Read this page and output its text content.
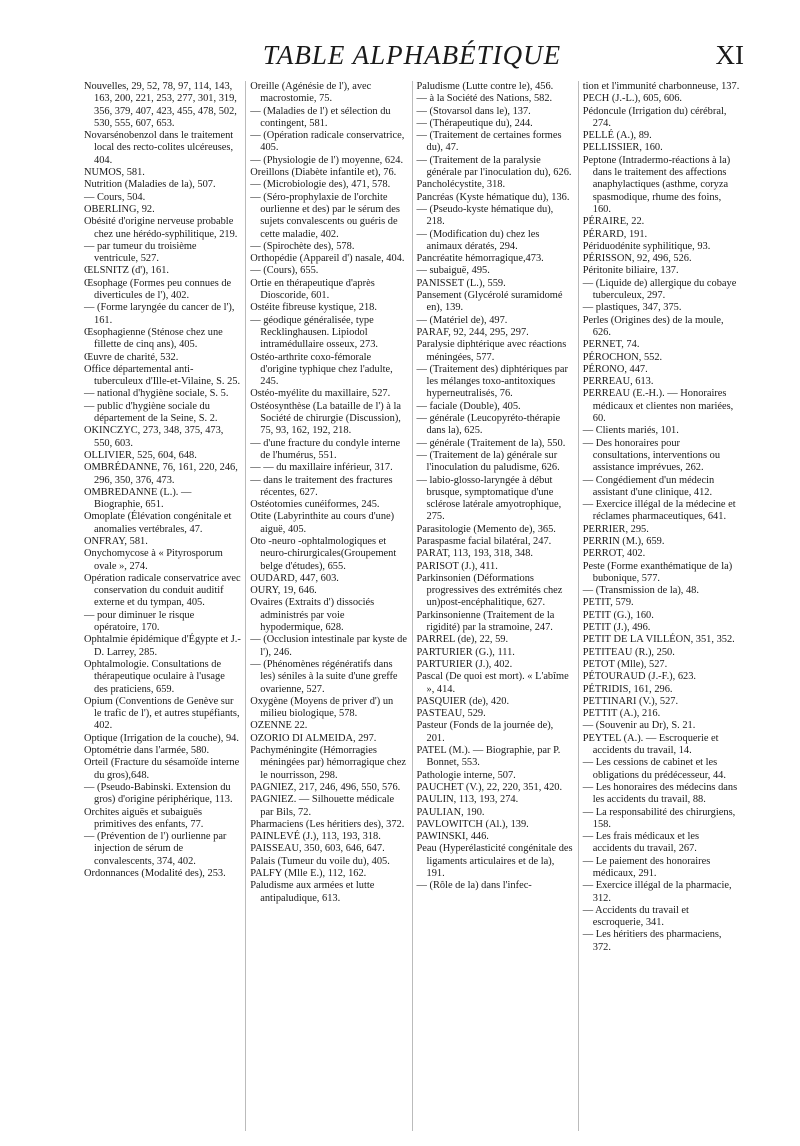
TABLE ALPHABÉTIQUE	XI

Nouvelles, 29, 52, 78, 97, 114, 143, 163, 200, 221, 253, 277, 301, 319, 356, 379, 407, 423, 455, 478, 502, 530, 555, 607, 653.

Novarsénobenzol dans le traitement local des recto-colites ulcéreuses, 404.

NUMOS, 581.

Nutrition (Maladies de la), 507.

— Cours, 504.

OBERLING, 92.

Obésité d'origine nerveuse probable chez une hérédo-syphilitique, 219.

— par tumeur du troisième ventricule, 527.

ŒLSNITZ (d'), 161.

Œsophage (Formes peu connues de diverticules de l'), 402.

— (Forme laryngée du cancer de l'), 161.

Œsophagienne (Sténose chez une fillette de cinq ans), 405.

Œuvre de charité, 532.

Office départemental anti-tuberculeux d'Ille-et-Vilaine, S. 25.

— national d'hygiène sociale, S. 5.

— public d'hygiène sociale du département de la Seine, S. 2.

OKINCZYC, 273, 348, 375, 473, 550, 603.

OLLIVIER, 525, 604, 648.

OMBRÉDANNE, 76, 161, 220, 246, 296, 350, 376, 473.

OMBREDANNE (L.). — Biographie, 651.

Omoplate (Élévation congénitale et anomalies vertébrales, 47.

ONFRAY, 581.

Onychomycose à « Pityrosporum ovale », 274.

Opération radicale conservatrice avec conservation du conduit auditif externe et du tympan, 405.

— pour diminuer le risque opératoire, 170.

Ophtalmie épidémique d'Égypte et J.-D. Larrey, 285.

Ophtalmologie. Consultations de thérapeutique oculaire à l'usage des praticiens, 659.

Opium (Conventions de Genève sur le trafic de l'), et autres stupéfiants, 402.

Optique (Irrigation de la couche), 94.

Optométrie dans l'armée, 580.

Orteil (Fracture du sésamoïde interne du gros),648.

— (Pseudo-Babinski. Extension du gros) d'origine périphérique, 113.

Orchites aiguës et subaiguës primitives des enfants, 77.

— (Prévention de l') ourlienne par injection de sérum de convalescents, 374, 402.

Ordonnances (Modalité des), 253.

Oreille (Agénésie de l'), avec macrostomie, 75.

— (Maladies de l') et sélection du contingent, 581.

— (Opération radicale conservatrice, 405.

— (Physiologie de l') moyenne, 624.

Oreillons (Diabète infantile et), 76.

— (Microbiologie des), 471, 578.

— (Séro-prophylaxie de l'orchite ourlienne et des) par le sérum des sujets convalescents ou guéris de cette maladie, 402.

— (Spirochète des), 578.

Orthopédie (Appareil d') nasale, 404.

— (Cours), 655.

Ortie en thérapeutique d'après Dioscoride, 601.

Ostéite fibreuse kystique, 218.

— géodique généralisée, type Recklinghausen. Lipiodol intramédullaire osseux, 273.

Ostéo-arthrite coxo-fémorale d'origine typhique chez l'adulte, 245.

Ostéo-myélite du maxillaire, 527.

Ostéosynthèse (La bataille de l') à la Société de chirurgie (Discussion), 75, 93, 162, 192, 218.

— d'une fracture du condyle interne de l'humérus, 551.

— — du maxillaire inférieur, 317.

— dans le traitement des fractures récentes, 627.

Ostéotomies cunéiformes, 245.

Otite (Labyrinthite au cours d'une) aiguë, 405.

Oto -neuro -ophtalmologiques et neuro-chirurgicales(Groupement belge d'études), 655.

OUDARD, 447, 603.

OURY, 19, 646.

Ovaires (Extraits d') dissociés administrés par voie hypodermique, 628.

— (Occlusion intestinale par kyste de l'), 246.

— (Phénomènes régénératifs dans les) séniles à la suite d'une greffe ovarienne, 527.

Oxygène (Moyens de priver d') un milieu biologique, 578.

OZENNE 22.

OZORIO DI ALMEIDA, 297.

Pachyméningite (Hémorragies méningées par) hémorragique chez le nourrisson, 298.

PAGNIEZ, 217, 246, 496, 550, 576.

PAGNIEZ. — Silhouette médicale par Bils, 72.

Pharmaciens (Les héritiers des), 372.

PAINLEVÉ (J.), 113, 193, 318.

PAISSEAU, 350, 603, 646, 647.

Palais (Tumeur du voile du), 405.

PALFY (Mlle E.), 112, 162.

Paludisme aux armées et lutte antipaludique, 613.

Paludisme (Lutte contre le), 456.

— à la Société des Nations, 582.

— (Stovarsol dans le), 137.

— (Thérapeutique du), 244.

— (Traitement de certaines formes du), 47.

— (Traitement de la paralysie générale par l'inoculation du), 626.

Pancholécystite, 318.

Pancréas (Kyste hématique du), 136.

— (Pseudo-kyste hématique du), 218.

— (Modification du) chez les animaux dératés, 294.

Pancréatite hémorragique,473.

— subaiguë, 495.

PANISSET (L.), 559.

Pansement (Glycérolé suramidomé en), 139.

— (Matériel de), 497.

PARAF, 92, 244, 295, 297.

Paralysie diphtérique avec réactions méningées, 577.

— (Traitement des) diphtériques par les mélanges toxo-antitoxiques hyperneutralisés, 76.

— faciale (Double), 405.

— générale (Leucopyréto-thérapie dans la), 625.

— générale (Traitement de la), 550.

— (Traitement de la) générale sur l'inoculation du paludisme, 626.

— labio-glosso-laryngée à début brusque, symptomatique d'une sclérose latérale amyotrophique, 275.

Parasitologie (Memento de), 365.

Paraspasme facial bilatéral, 247.

PARAT, 113, 193, 318, 348.

PARISOT (J.), 411.

Parkinsonien (Déformations progressives des extrémités chez un)post-encéphalitique, 627.

Parkinsonienne (Traitement de la rigidité) par la stramoine, 247.

PARREL (de), 22, 59.

PARTURIER (G.), 111.

PARTURIER (J.), 402.

Pascal (De quoi est mort). « L'abîme », 414.

PASQUIER (de), 420.

PASTEAU, 529.

Pasteur (Fonds de la journée de), 201.

PATEL (M.). — Biographie, par P. Bonnet, 553.

Pathologie interne, 507.

PAUCHET (V.), 22, 220, 351, 420.

PAULIN, 113, 193, 274.

PAULIAN, 190.

PAVLOWITCH (Al.), 139.

PAWINSKI, 446.

Peau (Hyperélasticité congénitale des ligaments articulaires et de la), 191.

— (Rôle de la) dans l'infec-

tion et l'immunité charbonneuse, 137.

PECH (J.-L.), 605, 606.

Pédoncule (Irrigation du) cérébral, 274.

PELLÉ (A.), 89.

PELLISSIER, 160.

Peptone (Intradermo-réactions à la) dans le traitement des affections anaphylactiques (asthme, coryza spasmodique, rhume des foins, 160.

PÉRAIRE, 22.

PÉRARD, 191.

Périduodénite syphilitique, 93.

PÉRISSON, 92, 496, 526.

Péritonite biliaire, 137.

— (Liquide de) allergique du cobaye tuberculeux, 297.

— plastiques, 347, 375.

Perles (Origines des) de la moule, 626.

PERNET, 74.

PÉROCHON, 552.

PÉRONO, 447.

PERREAU, 613.

PERREAU (E.-H.). — Honoraires médicaux et clientes non mariées, 60.

— Clients mariés, 101.

— Des honoraires pour consultations, interventions ou assistance imprévues, 262.

— Congédiement d'un médecin assistant d'une clinique, 412.

— Exercice illégal de la médecine et réclames pharmaceutiques, 641.

PERRIER, 295.

PERRIN (M.), 659.

PERROT, 402.

Peste (Forme exanthématique de la) bubonique, 577.

— (Transmission de la), 48.

PETIT, 579.

PETIT (G.), 160.

PETIT (J.), 496.

PETIT DE LA VILLÉON, 351, 352.

PETITEAU (R.), 250.

PETOT (Mlle), 527.

PÉTOURAUD (J.-F.), 623.

PÉTRIDIS, 161, 296.

PETTINARI (V.), 527.

PETTIT (A.), 216.

— (Souvenir au Dr), S. 21.

PEYTEL (A.). — Escroquerie et accidents du travail, 14.

— Les cessions de cabinet et les obligations du prédécesseur, 44.

— Les honoraires des médecins dans les accidents du travail, 88.

— La responsabilité des chirurgiens, 158.

— Les frais médicaux et les accidents du travail, 267.

— Le paiement des honoraires médicaux, 291.

— Exercice illégal de la pharmacie, 312.

— Accidents du travail et escroquerie, 341.

— Les héritiers des pharmaciens, 372.
